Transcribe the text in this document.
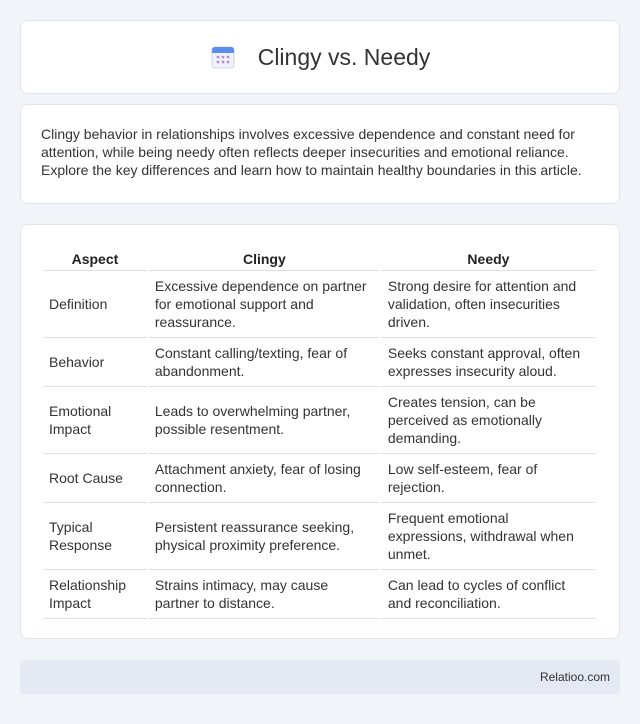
Clingy vs. Needy

Clingy behavior in relationships involves excessive dependence and constant need for attention, while being needy often reflects deeper insecurities and emotional reliance. Explore the key differences and learn how to maintain healthy boundaries in this article.

Aspect	Clingy	Needy
Definition	Excessive dependence on partner for emotional support and reassurance.	Strong desire for attention and validation, often insecurities driven.
Behavior	Constant calling/texting, fear of abandonment.	Seeks constant approval, often expresses insecurity aloud.
Emotional Impact	Leads to overwhelming partner, possible resentment.	Creates tension, can be perceived as emotionally demanding.
Root Cause	Attachment anxiety, fear of losing connection.	Low self-esteem, fear of rejection.
Typical Response	Persistent reassurance seeking, physical proximity preference.	Frequent emotional expressions, withdrawal when unmet.
Relationship Impact	Strains intimacy, may cause partner to distance.	Can lead to cycles of conflict and reconciliation.
Relatioo.com
